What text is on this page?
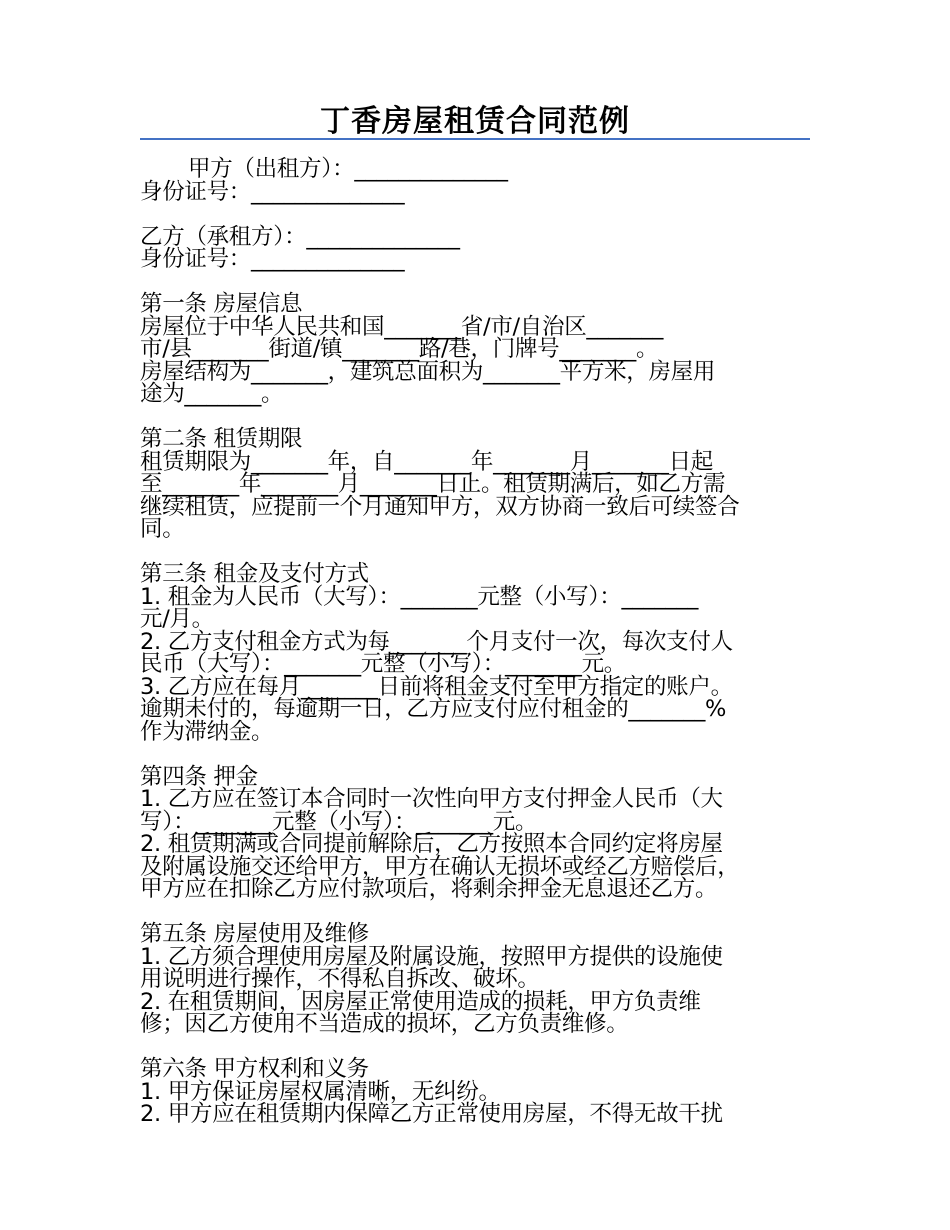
丁香房屋租赁合同范例
甲方（出租方）：______________
身份证号：______________
乙方（承租方）：______________
身份证号：______________
第一条 房屋信息
房屋位于中华人民共和国_______省/市/自治区_______
市/县_______街道/镇_______路/巷，门牌号_______。
房屋结构为_______，建筑总面积为_______平方米，房屋用
途为_______。
第二条 租赁期限
租赁期限为_______年，自_______年_______月_______日起
至_______年_______月_______日止。租赁期满后，如乙方需
继续租赁，应提前一个月通知甲方，双方协商一致后可续签合
同。
第三条 租金及支付方式
1. 租金为人民币（大写）：_______元整（小写）：_______
元/月。
2. 乙方支付租金方式为每_______个月支付一次，每次支付人
民币（大写）：_______元整（小写）：_______元。
3. 乙方应在每月_______日前将租金支付至甲方指定的账户。
逾期未付的，每逾期一日，乙方应支付应付租金的_______%
作为滞纳金。
第四条 押金
1. 乙方应在签订本合同时一次性向甲方支付押金人民币（大
写）：_______元整（小写）：_______元。
2. 租赁期满或合同提前解除后，乙方按照本合同约定将房屋
及附属设施交还给甲方，甲方在确认无损坏或经乙方赔偿后，
甲方应在扣除乙方应付款项后，将剩余押金无息退还乙方。
第五条 房屋使用及维修
1. 乙方须合理使用房屋及附属设施，按照甲方提供的设施使
用说明进行操作，不得私自拆改、破坏。
2. 在租赁期间，因房屋正常使用造成的损耗，甲方负责维
修；因乙方使用不当造成的损坏，乙方负责维修。
第六条 甲方权利和义务
1. 甲方保证房屋权属清晰，无纠纷。
2. 甲方应在租赁期内保障乙方正常使用房屋，不得无故干扰
